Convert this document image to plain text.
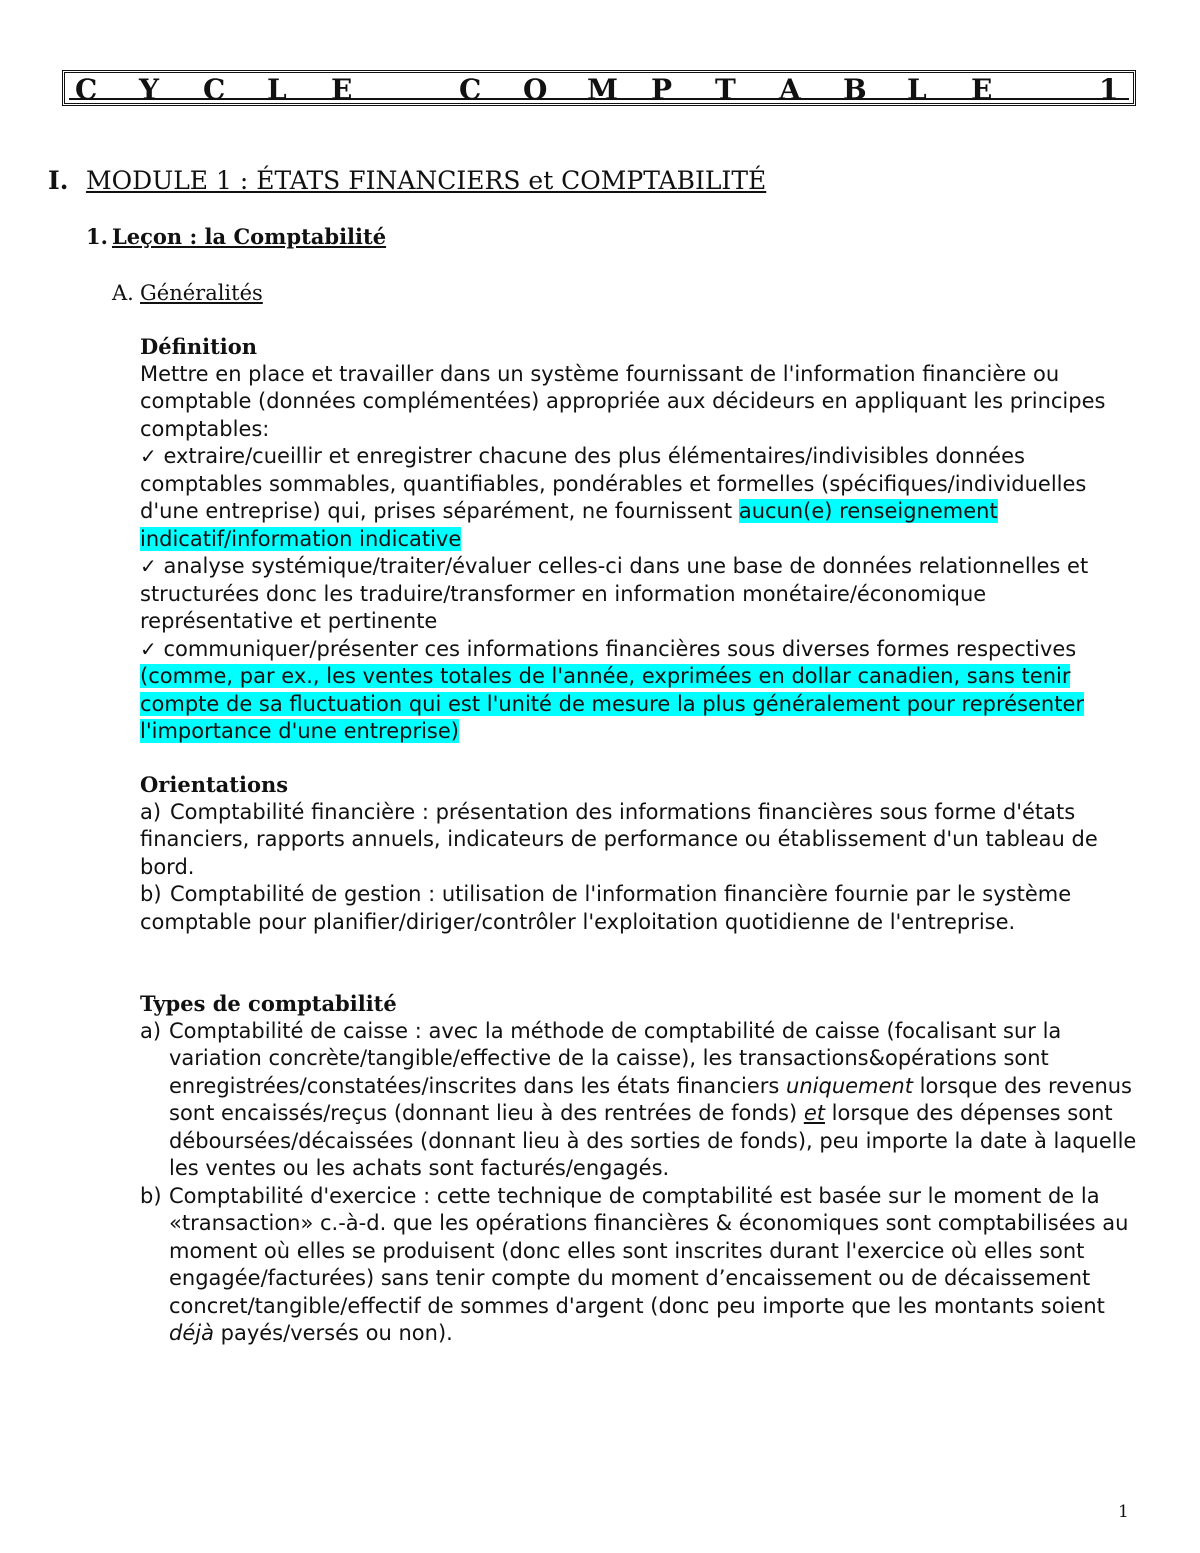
C Y C L E	C O M P T A B L E	1
I. MODULE 1 : ÉTATS FINANCIERS et COMPTABILITÉ
1. Leçon : la Comptabilité
A. Généralités
Définition

Mettre en place et travailler dans un système fournissant de l'information financière ou comptable (données complémentées) appropriée aux décideurs en appliquant les principes comptables:

✓ extraire/cueillir et enregistrer chacune des plus élémentaires/indivisibles données comptables sommables, quantifiables, pondérables et formelles (spécifiques/individuelles d'une entreprise) qui, prises séparément, ne fournissent aucun(e) renseignement indicatif/information indicative

✓ analyse systémique/traiter/évaluer celles-ci dans une base de données relationnelles et structurées donc les traduire/transformer en information monétaire/économique représentative et pertinente

✓ communiquer/présenter ces informations financières sous diverses formes respectives (comme, par ex., les ventes totales de l'année, exprimées en dollar canadien, sans tenir compte de sa fluctuation qui est l'unité de mesure la plus généralement pour représenter l'importance d'une entreprise)

Orientations

a) Comptabilité financière : présentation des informations financières sous forme d'états financiers, rapports annuels, indicateurs de performance ou établissement d'un tableau de bord.

b) Comptabilité de gestion : utilisation de l'information financière fournie par le système comptable pour planifier/diriger/contrôler l'exploitation quotidienne de l'entreprise.

Types de comptabilité

a) Comptabilité de caisse : avec la méthode de comptabilité de caisse (focalisant sur la variation concrète/tangible/effective de la caisse), les transactions&opérations sont enregistrées/constatées/inscrites dans les états financiers uniquement lorsque des revenus sont encaissés/reçus (donnant lieu à des rentrées de fonds) et lorsque des dépenses sont déboursées/décaissées (donnant lieu à des sorties de fonds), peu importe la date à laquelle les ventes ou les achats sont facturés/engagés.

b) Comptabilité d'exercice : cette technique de comptabilité est basée sur le moment de la «transaction» c.-à-d. que les opérations financières & économiques sont comptabilisées au moment où elles se produisent (donc elles sont inscrites durant l'exercice où elles sont engagée/facturées) sans tenir compte du moment d’encaissement ou de décaissement concret/tangible/effectif de sommes d'argent (donc peu importe que les montants soient déjà payés/versés ou non).

1
